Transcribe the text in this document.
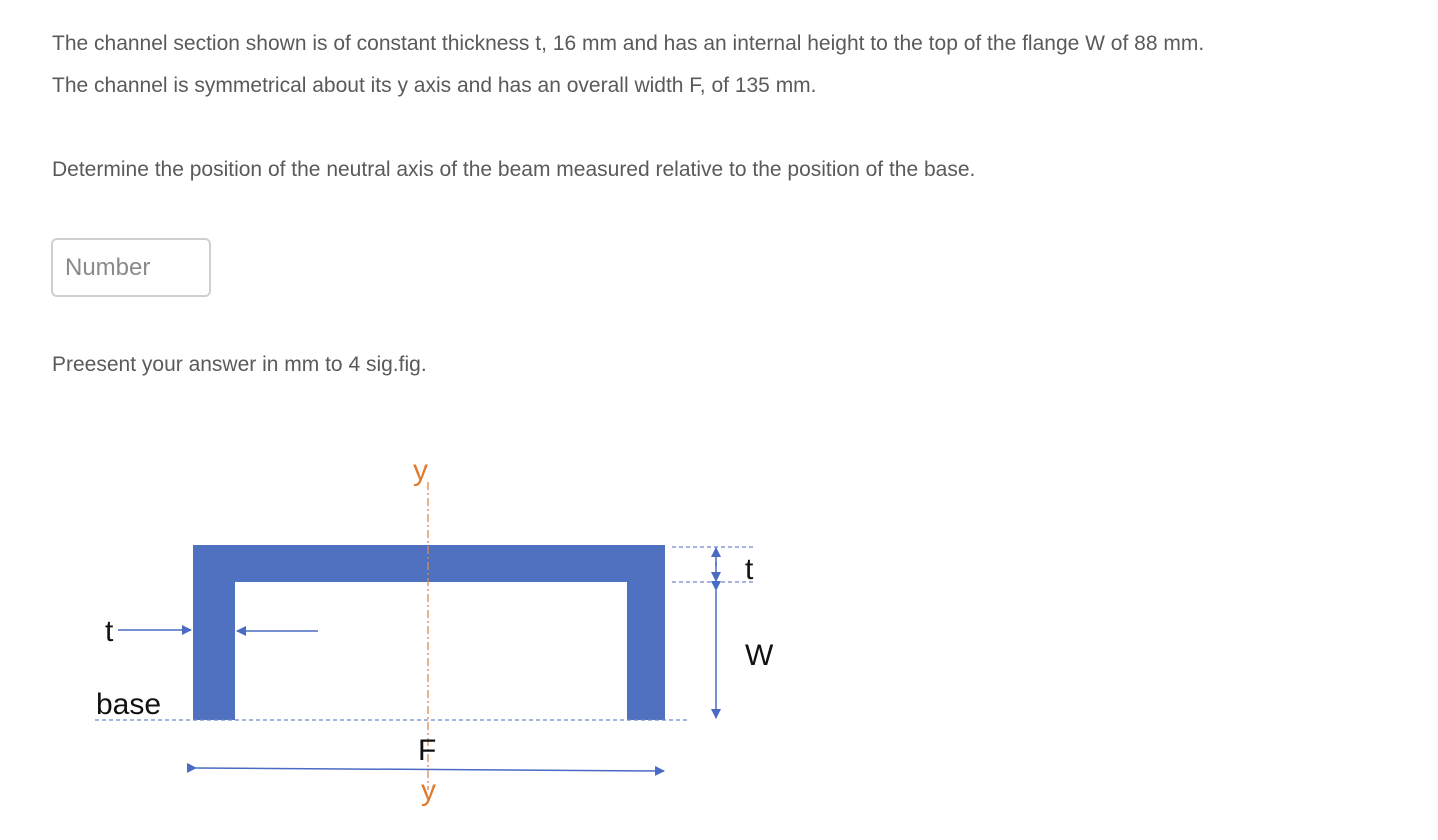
The channel section shown is of constant thickness t, 16 mm and has an internal height to the top of the flange W of 88 mm.

The channel is symmetrical about its y axis and has an overall width F, of 135 mm.

Determine the position of the neutral axis of the beam measured relative to the position of the base.

Number

Preesent your answer in mm to 4 sig.fig.

y
t
W
t
base
F
y
